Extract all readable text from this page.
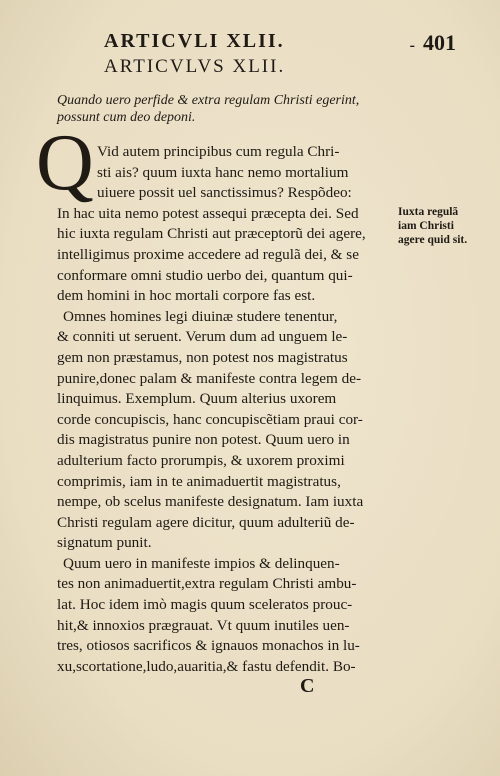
ARTICVLI XLII.	- 401
ARTICVLVS XLII.
Quando uero perfide & extra regulam Christi egerint,
possunt cum deo deponi.
Q Vid autem principibus cum regula Chri-
sti ais? quum iuxta hanc nemo mortalium
uiuere possit uel sanctissimus? Respõdeo:
In hac uita nemo potest assequi præcepta dei. Sed
hic iuxta regulam Christi aut præceptorũ dei agere,
intelligimus proxime accedere ad regulã dei, & se
conformare omni studio uerbo dei, quantum qui-
dem homini in hoc mortali corpore fas est.
Omnes homines legi diuinæ studere tenentur,
& conniti ut seruent. Verum dum ad unguem le-
gem non præstamus, non potest nos magistratus
punire,donec palam & manifeste contra legem de-
linquimus. Exemplum. Quum alterius uxorem
corde concupiscis, hanc concupiscẽtiam praui cor-
dis magistratus punire non potest. Quum uero in
adulterium facto prorumpis, & uxorem proximi
comprimis, iam in te animaduertit magistratus,
nempe, ob scelus manifeste designatum. Iam iuxta
Christi regulam agere dicitur, quum adulteriũ de-
signatum punit.
Quum uero in manifeste impios & delinquen-
tes non animaduertit,extra regulam Christi ambu-
lat. Hoc idem imò magis quum sceleratos prouc-
hit,& innoxios prægrauat. Vt quum inutiles uen-
tres, otiosos sacrificos & ignauos monachos in lu-
xu,scortatione,ludo,auaritia,& fastu defendit. Bo-
Iuxta regulã
iam Christi
agere quid sit.
C
